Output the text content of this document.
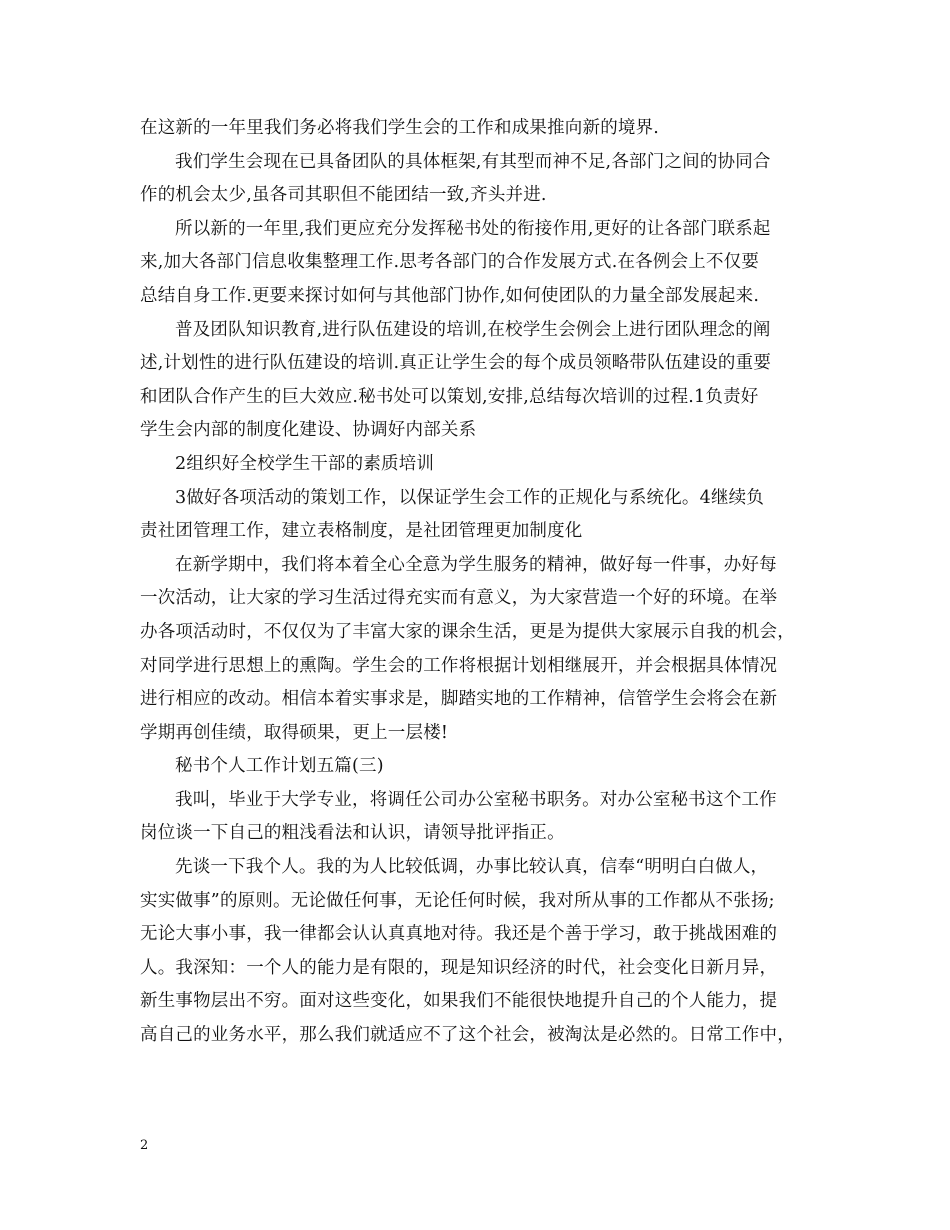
在这新的一年里我们务必将我们学生会的工作和成果推向新的境界.
我们学生会现在已具备团队的具体框架,有其型而神不足,各部门之间的协同合
作的机会太少,虽各司其职但不能团结一致,齐头并进.
所以新的一年里,我们更应充分发挥秘书处的衔接作用,更好的让各部门联系起
来,加大各部门信息收集整理工作.思考各部门的合作发展方式.在各例会上不仅要
总结自身工作.更要来探讨如何与其他部门协作,如何使团队的力量全部发展起来.
普及团队知识教育,进行队伍建设的培训,在校学生会例会上进行团队理念的阐
述,计划性的进行队伍建设的培训.真正让学生会的每个成员领略带队伍建设的重要
和团队合作产生的巨大效应.秘书处可以策划,安排,总结每次培训的过程.1负责好
学生会内部的制度化建设、协调好内部关系
2组织好全校学生干部的素质培训
3做好各项活动的策划工作，以保证学生会工作的正规化与系统化。4继续负
责社团管理工作，建立表格制度，是社团管理更加制度化
在新学期中，我们将本着全心全意为学生服务的精神，做好每一件事，办好每
一次活动，让大家的学习生活过得充实而有意义，为大家营造一个好的环境。在举
办各项活动时，不仅仅为了丰富大家的课余生活，更是为提供大家展示自我的机会，
对同学进行思想上的熏陶。学生会的工作将根据计划相继展开，并会根据具体情况
进行相应的改动。相信本着实事求是，脚踏实地的工作精神，信管学生会将会在新
学期再创佳绩，取得硕果，更上一层楼!
秘书个人工作计划五篇(三)
我叫，毕业于大学专业，将调任公司办公室秘书职务。对办公室秘书这个工作
岗位谈一下自己的粗浅看法和认识，请领导批评指正。
先谈一下我个人。我的为人比较低调，办事比较认真，信奉“明明白白做人，
实实做事”的原则。无论做任何事，无论任何时候，我对所从事的工作都从不张扬;
无论大事小事，我一律都会认认真真地对待。我还是个善于学习，敢于挑战困难的
人。我深知：一个人的能力是有限的，现是知识经济的时代，社会变化日新月异，
新生事物层出不穷。面对这些变化，如果我们不能很快地提升自己的个人能力，提
高自己的业务水平，那么我们就适应不了这个社会，被淘汰是必然的。日常工作中，
2
